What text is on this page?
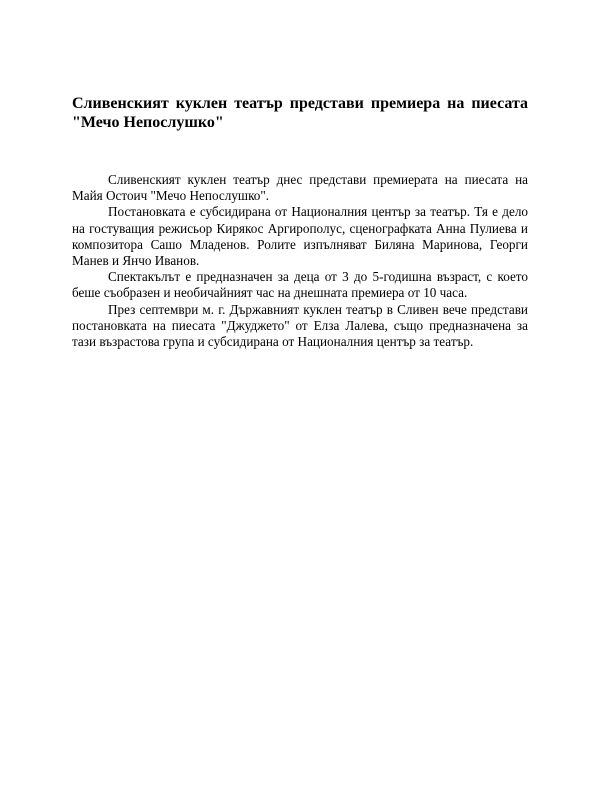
Сливенският куклен театър представи премиера на пиесата "Мечо Непослушко"

Сливенският куклен театър днес представи премиерата на пиесата на Майя Остоич "Мечо Непослушко".

Постановката е субсидирана от Националния център за театър. Тя е дело на гостуващия режисьор Кирякос Аргирополус, сценографката Анна Пулиева и композитора Сашо Младенов. Ролите изпълняват Биляна Маринова, Георги Манев и Янчо Иванов.

Спектакълът е предназначен за деца от 3 до 5-годишна възраст, с което беше съобразен и необичайният час на днешната премиера от 10 часа.

През септември м. г. Държавният куклен театър в Сливен вече представи постановката на пиесата "Джуджето" от Елза Лалева, също предназначена за тази възрастова група и субсидирана от Националния център за театър.
